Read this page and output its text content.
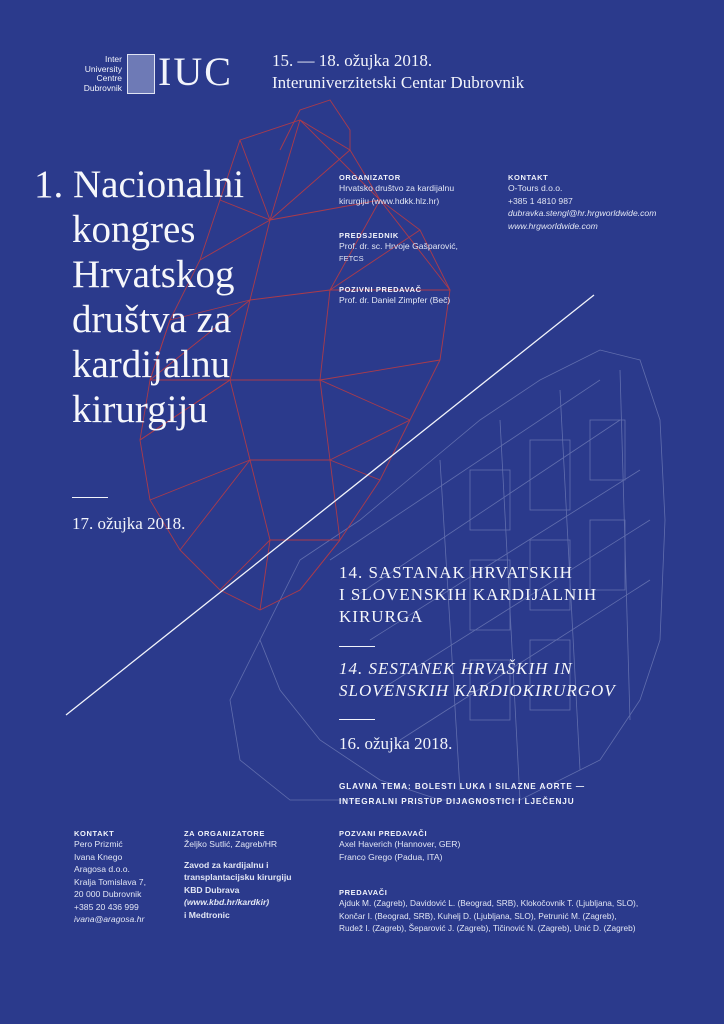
Inter
University
Centre
Dubrovnik IUC 15. — 18. ožujka 2018.
Interuniverzitetski Centar Dubrovnik
1. Nacionalni
kongres
Hrvatskog
društva za
kardijalnu
kirurgiju
17. ožujka 2018.
ORGANIZATOR
Hrvatsko društvo za kardijalnu
kirurgiju (www.hdkk.hlz.hr)
PREDSJEDNIK
Prof. dr. sc. Hrvoje Gašparović,
FETCS
POZIVNI PREDAVAČ
Prof. dr. Daniel Zimpfer (Beč)
KONTAKT
O-Tours d.o.o.
+385 1 4810 987
dubravka.stengl@hr.hrgworldwide.com
www.hrgworldwide.com
14. SASTANAK HRVATSKIH
I SLOVENSKIH KARDIJALNIH
KIRURGA
14. SESTANEK HRVAŠKIH IN
SLOVENSKIH KARDIOKIRURGOV
16. ožujka 2018.
GLAVNA TEMA: BOLESTI LUKA I SILAZNE AORTE —
INTEGRALNI PRISTUP DIJAGNOSTICI I LJEČENJU
KONTAKT
Pero Prizmić
Ivana Knego
Aragosa d.o.o.
Kralja Tomislava 7,
20 000 Dubrovnik
+385 20 436 999
ivana@aragosa.hr
ZA ORGANIZATORE
Željko Sutlić, Zagreb/HR
Zavod za kardijalnu i
transplantacijsku kirurgiju
KBD Dubrava
(www.kbd.hr/kardkir)
i Medtronic
POZVANI PREDAVAČI
Axel Haverich (Hannover, GER)
Franco Grego (Padua, ITA)
PREDAVAČI
Ajduk M. (Zagreb), Davidović L. (Beograd, SRB), Klokočovnik T. (Ljubljana, SLO),
Končar I. (Beograd, SRB), Kuhelj D. (Ljubljana, SLO), Petrunić M. (Zagreb),
Rudež I. (Zagreb), Šeparović J. (Zagreb), Tičinović N. (Zagreb), Unić D. (Zagreb)
